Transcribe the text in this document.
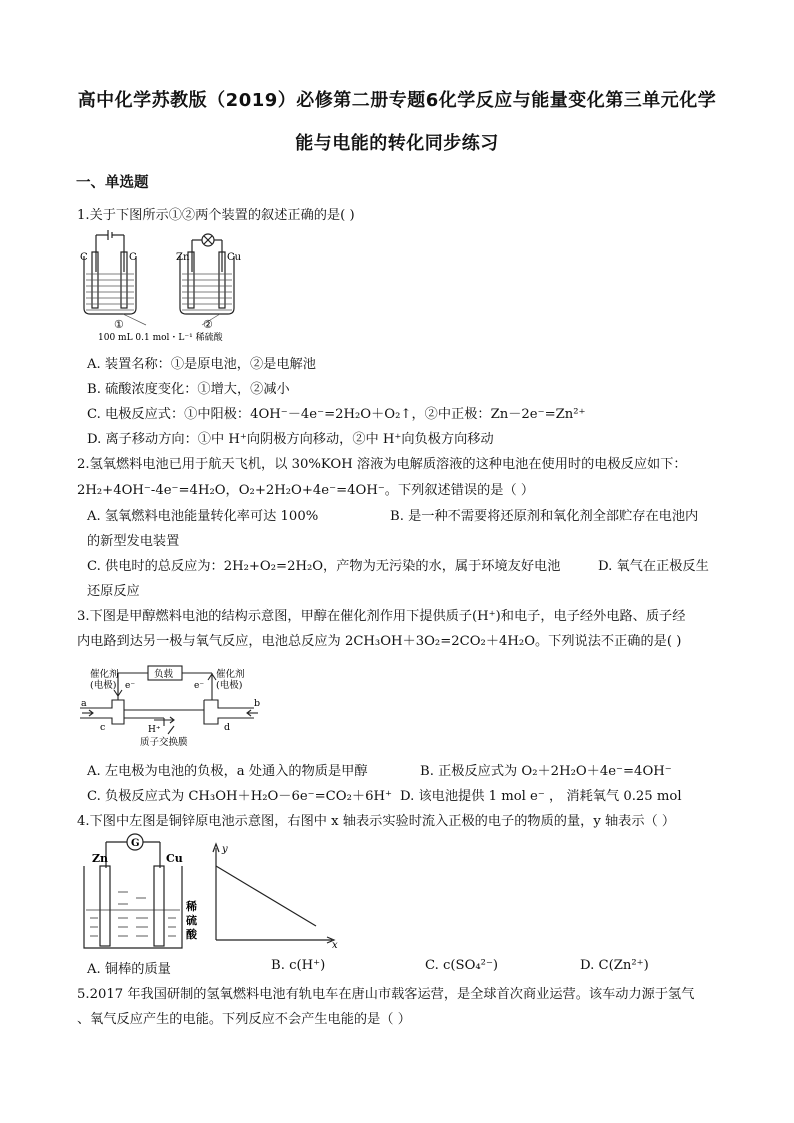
高中化学苏教版（2019）必修第二册专题6化学反应与能量变化第三单元化学
能与电能的转化同步练习
一、单选题
1.关于下图所示①②两个装置的叙述正确的是( )
C	C	Zn	Cu
①	②
100 mL 0.1 mol・L⁻¹ 稀硫酸
A. 装置名称：①是原电池，②是电解池
B. 硫酸浓度变化：①增大，②减小
C. 电极反应式：①中阳极：4OH⁻－4e⁻=2H₂O＋O₂↑，②中正极：Zn－2e⁻=Zn²⁺
D. 离子移动方向：①中 H⁺向阴极方向移动，②中 H⁺向负极方向移动
2.氢氧燃料电池已用于航天飞机，以 30%KOH 溶液为电解质溶液的这种电池在使用时的电极反应如下：
2H₂+4OH⁻-4e⁻=4H₂O，O₂+2H₂O+4e⁻=4OH⁻。下列叙述错误的是（ ）
A. 氢氧燃料电池能量转化率可达 100%	B. 是一种不需要将还原剂和氧化剂全部贮存在电池内
的新型发电装置
C. 供电时的总反应为：2H₂+O₂=2H₂O，产物为无污染的水，属于环境友好电池	D. 氧气在正极反生
还原反应
3.下图是甲醇燃料电池的结构示意图，甲醇在催化剂作用下提供质子(H⁺)和电子，电子经外电路、质子经
内电路到达另一极与氧气反应，电池总反应为 2CH₃OH＋3O₂=2CO₂＋4H₂O。下列说法不正确的是( )
催化剂
(电极)
催化剂
(电极)
负载
e⁻	e⁻
a	b
H⁺
c	d
质子交换膜
A. 左电极为电池的负极，a 处通入的物质是甲醇	B. 正极反应式为 O₂＋2H₂O＋4e⁻=4OH⁻
C. 负极反应式为 CH₃OH＋H₂O－6e⁻=CO₂＋6H⁺ D. 该电池提供 1 mol e⁻ ， 消耗氧气 0.25 mol
4.下图中左图是铜锌原电池示意图，右图中 x 轴表示实验时流入正极的电子的物质的量，y 轴表示（ ）
G
Zn	Cu
稀
硫
酸
y
x
A. 铜棒的质量	B. c(H⁺)	C. c(SO₄²⁻)	D. C(Zn²⁺)
5.2017 年我国研制的氢氧燃料电池有轨电车在唐山市载客运营，是全球首次商业运营。该车动力源于氢气
、氧气反应产生的电能。下列反应不会产生电能的是（ ）
